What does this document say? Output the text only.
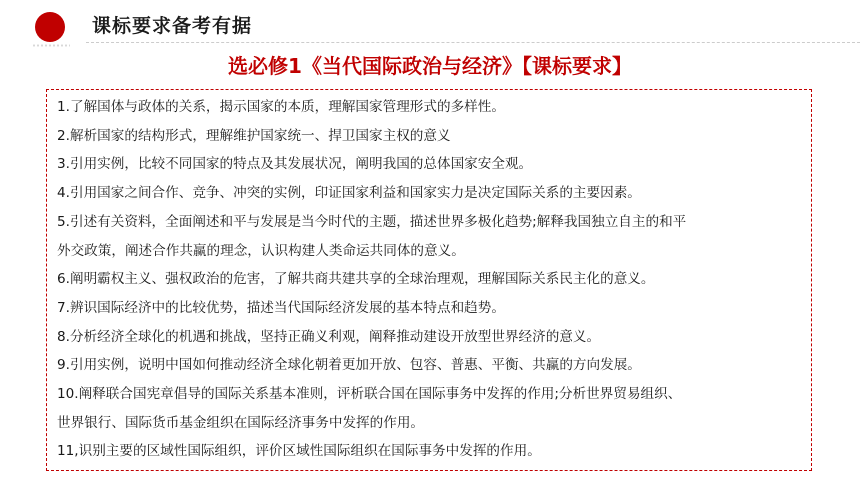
课标要求备考有据
选必修1《当代国际政治与经济》【课标要求】

1.了解国体与政体的关系，揭示国家的本质，理解国家管理形式的多样性。

2.解析国家的结构形式，理解维护国家统一、捍卫国家主权的意义

3.引用实例，比较不同国家的特点及其发展状况，阐明我国的总体国家安全观。

4.引用国家之间合作、竞争、冲突的实例，印证国家利益和国家实力是决定国际关系的主要因素。

5.引述有关资料，全面阐述和平与发展是当今时代的主题，描述世界多极化趋势;解释我国独立自主的和平

外交政策，阐述合作共赢的理念，认识构建人类命运共同体的意义。

6.阐明霸权主义、强权政治的危害，了解共商共建共享的全球治理观，理解国际关系民主化的意义。

7.辨识国际经济中的比较优势，描述当代国际经济发展的基本特点和趋势。

8.分析经济全球化的机遇和挑战，坚持正确义利观，阐释推动建设开放型世界经济的意义。

9.引用实例，说明中国如何推动经济全球化朝着更加开放、包容、普惠、平衡、共赢的方向发展。

10.阐释联合国宪章倡导的国际关系基本准则，评析联合国在国际事务中发挥的作用;分析世界贸易组织、

世界银行、国际货币基金组织在国际经济事务中发挥的作用。

11,识别主要的区域性国际组织，评价区域性国际组织在国际事务中发挥的作用。
